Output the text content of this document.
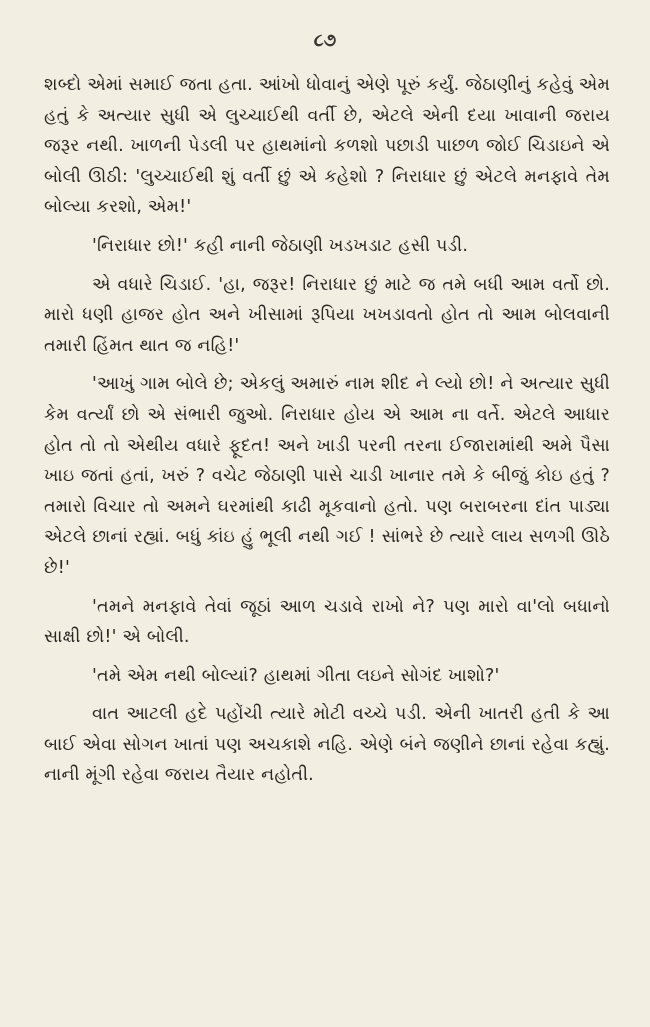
૮૭

શબ્દો એમાં સમાઈ જતા હતા. આંખો ધોવાનું એણે પૂરું કર્યું. જેઠાણીનું કહેવું એમ હતું કે અત્યાર સુધી એ લુચ્ચાઈથી વર્તી છે, એટલે એની દયા ખાવાની જરાય જરૂર નથી. ખાળની પેડલી પર હાથમાંનો કળશો પછાડી પાછળ જોઈ ચિડાઇને એ બોલી ઊઠી: 'લુચ્ચાઈથી શું વર્તી છું એ કહેશો ? નિરાધાર છું એટલે મનફાવે તેમ બોલ્યા કરશો, એમ!'

'નિરાધાર છો!' કહી નાની જેઠાણી ખડખડાટ હસી પડી.

એ વધારે ચિડાઈ. 'હા, જરૂર! નિરાધાર છું માટે જ તમે બધી આમ વર્તો છો. મારો ધણી હાજર હોત અને ખીસામાં રૂપિયા ખખડાવતો હોત તો આમ બોલવાની તમારી હિંમત થાત જ નહિ!'

'આખું ગામ બોલે છે; એકલું અમારું નામ શીદ ને લ્યો છો! ને અત્યાર સુધી કેમ વર્ત્યાં છો એ સંભારી જુઓ. નિરાધાર હોય એ આમ ના વર્તે. એટલે આધાર હોત તો તો એથીય વધારે ફૂદત! અને ખાડી પરની તરના ઈજારામાંથી અમે પૈસા ખાઇ જતાં હતાં, ખરું ? વચેટ જેઠાણી પાસે ચાડી ખાનાર તમે કે બીજું કોઇ હતું ? તમારો વિચાર તો અમને ઘરમાંથી કાઢી મૂકવાનો હતો. પણ બરાબરના દાંત પાડ્યા એટલે છાનાં રહ્યાં. બધું કાંઇ હું ભૂલી નથી ગઈ ! સાંભરે છે ત્યારે લાય સળગી ઊઠે છે!'

'તમને મનફાવે તેવાં જૂઠાં આળ ચડાવે રાખો ને? પણ મારો વા'લો બધાનો સાક્ષી છો!' એ બોલી.

'તમે એમ નથી બોલ્યાં? હાથમાં ગીતા લઇને સોગંદ ખાશો?'

વાત આટલી હદે પહોંચી ત્યારે મોટી વચ્ચે પડી. એની ખાતરી હતી કે આ બાઈ એવા સોગન ખાતાં પણ અચકાશે નહિ. એણે બંને જણીને છાનાં રહેવા કહ્યું. નાની મૂંગી રહેવા જરાય તૈયાર નહોતી.
